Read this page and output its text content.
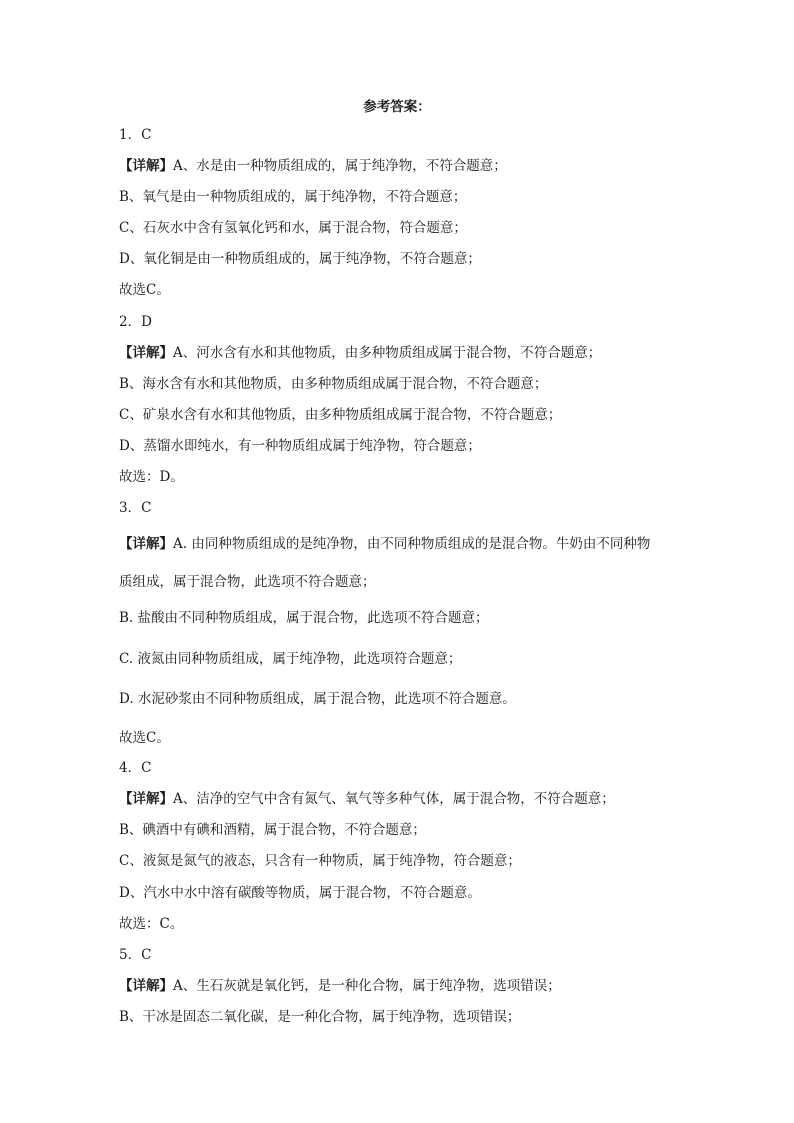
参考答案：
1．C
【详解】A、水是由一种物质组成的，属于纯净物，不符合题意；
B、氧气是由一种物质组成的，属于纯净物，不符合题意；
C、石灰水中含有氢氧化钙和水，属于混合物，符合题意；
D、氧化铜是由一种物质组成的，属于纯净物，不符合题意；
故选C。
2．D
【详解】A、河水含有水和其他物质，由多种物质组成属于混合物，不符合题意；
B、海水含有水和其他物质，由多种物质组成属于混合物，不符合题意；
C、矿泉水含有水和其他物质，由多种物质组成属于混合物，不符合题意；
D、蒸馏水即纯水，有一种物质组成属于纯净物，符合题意；
故选：D。
3．C
【详解】A. 由同种物质组成的是纯净物，由不同种物质组成的是混合物。牛奶由不同种物
质组成，属于混合物，此选项不符合题意；
B. 盐酸由不同种物质组成，属于混合物，此选项不符合题意；
C. 液氮由同种物质组成，属于纯净物，此选项符合题意；
D. 水泥砂浆由不同种物质组成，属于混合物，此选项不符合题意。
故选C。
4．C
【详解】A、洁净的空气中含有氮气、氧气等多种气体，属于混合物，不符合题意；
B、碘酒中有碘和酒精，属于混合物，不符合题意；
C、液氮是氮气的液态，只含有一种物质，属于纯净物，符合题意；
D、汽水中水中溶有碳酸等物质，属于混合物，不符合题意。
故选：C。
5．C
【详解】A、生石灰就是氧化钙，是一种化合物，属于纯净物，选项错误；
B、干冰是固态二氧化碳，是一种化合物，属于纯净物，选项错误；
